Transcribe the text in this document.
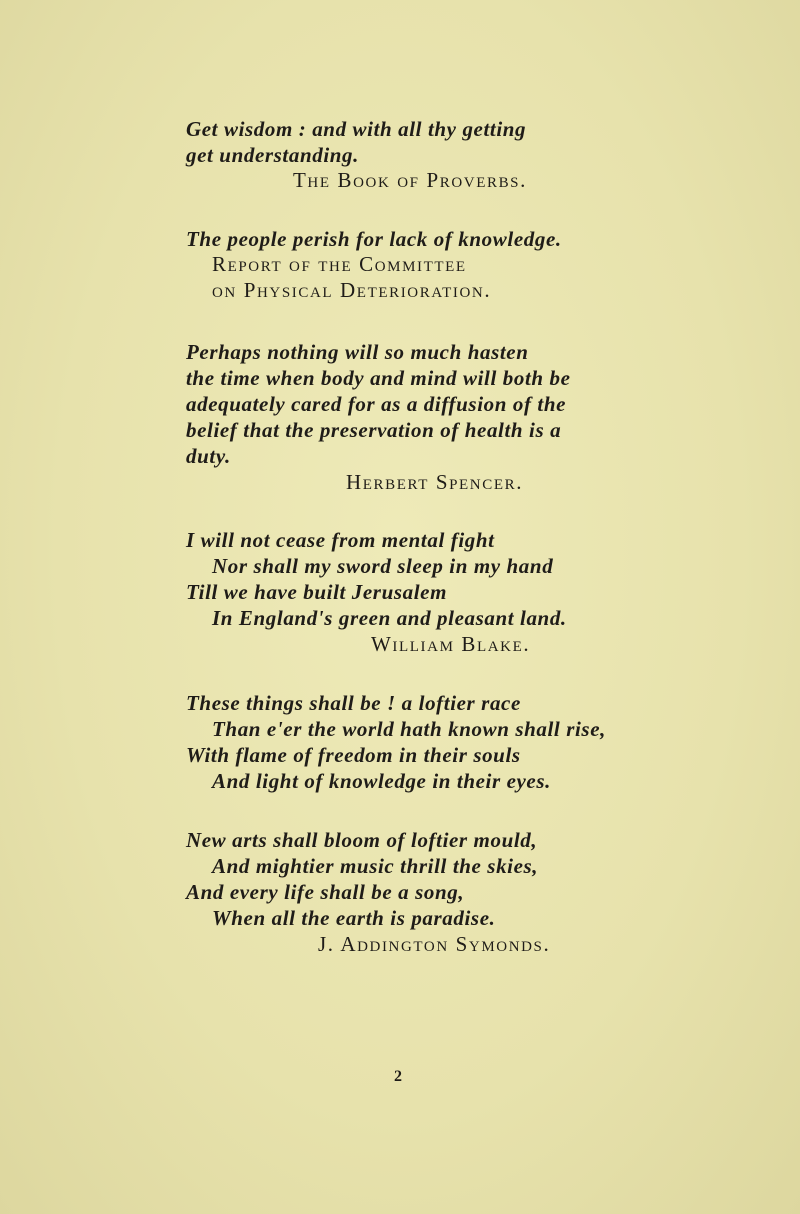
Get wisdom : and with all thy getting
get understanding.
The Book of Proverbs.
The people perish for lack of knowledge.
Report of the Committee
on Physical Deterioration.
Perhaps nothing will so much hasten
the time when body and mind will both be
adequately cared for as a diffusion of the
belief that the preservation of health is a
duty.
Herbert Spencer.
I will not cease from mental fight
Nor shall my sword sleep in my hand
Till we have built Jerusalem
In England's green and pleasant land.
William Blake.
These things shall be ! a loftier race
Than e'er the world hath known shall rise,
With flame of freedom in their souls
And light of knowledge in their eyes.
New arts shall bloom of loftier mould,
And mightier music thrill the skies,
And every life shall be a song,
When all the earth is paradise.
J. Addington Symonds.
2
